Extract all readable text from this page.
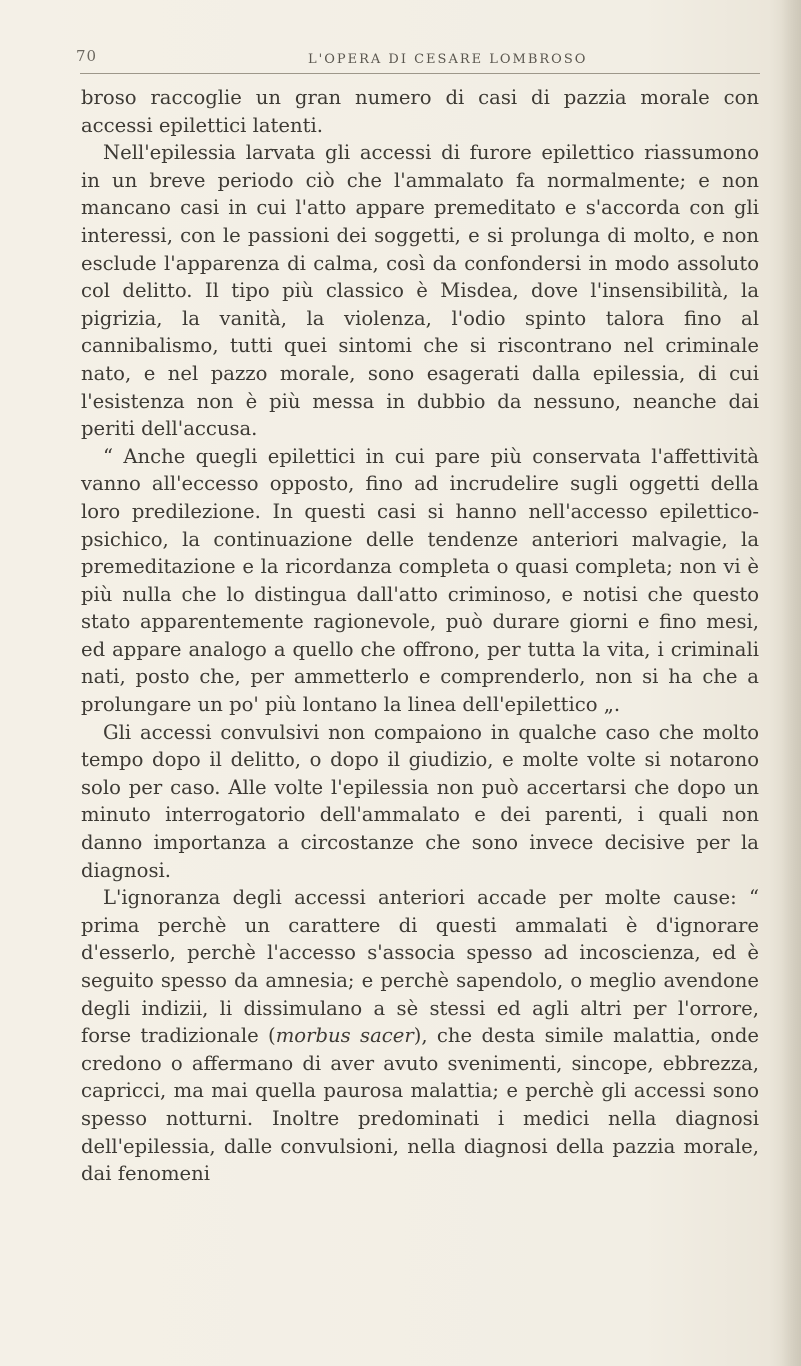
70	L'OPERA DI CESARE LOMBROSO

broso raccoglie un gran numero di casi di pazzia morale con accessi epilettici latenti.

Nell'epilessia larvata gli accessi di furore epilettico riassumono in un breve periodo ciò che l'ammalato fa normalmente; e non mancano casi in cui l'atto appare premeditato e s'accorda con gli interessi, con le passioni dei soggetti, e si prolunga di molto, e non esclude l'apparenza di calma, così da confondersi in modo assoluto col delitto. Il tipo più classico è Misdea, dove l'insensibilità, la pigrizia, la vanità, la violenza, l'odio spinto talora fino al cannibalismo, tutti quei sintomi che si riscontrano nel criminale nato, e nel pazzo morale, sono esagerati dalla epilessia, di cui l'esistenza non è più messa in dubbio da nessuno, neanche dai periti dell'accusa.

“ Anche quegli epilettici in cui pare più conservata l'affettività vanno all'eccesso opposto, fino ad incrudelire sugli oggetti della loro predilezione. In questi casi si hanno nell'accesso epilettico-psichico, la continuazione delle tendenze anteriori malvagie, la premeditazione e la ricordanza completa o quasi completa; non vi è più nulla che lo distingua dall'atto criminoso, e notisi che questo stato apparentemente ragionevole, può durare giorni e fino mesi, ed appare analogo a quello che offrono, per tutta la vita, i criminali nati, posto che, per ammetterlo e comprenderlo, non si ha che a prolungare un po' più lontano la linea dell'epilettico „.

Gli accessi convulsivi non compaiono in qualche caso che molto tempo dopo il delitto, o dopo il giudizio, e molte volte si notarono solo per caso. Alle volte l'epilessia non può accertarsi che dopo un minuto interrogatorio dell'ammalato e dei parenti, i quali non danno importanza a circostanze che sono invece decisive per la diagnosi.

L'ignoranza degli accessi anteriori accade per molte cause: “ prima perchè un carattere di questi ammalati è d'ignorare d'esserlo, perchè l'accesso s'associa spesso ad incoscienza, ed è seguito spesso da amnesia; e perchè sapendolo, o meglio avendone degli indizii, li dissimulano a sè stessi ed agli altri per l'orrore, forse tradizionale (morbus sacer), che desta simile malattia, onde credono o affermano di aver avuto svenimenti, sincope, ebbrezza, capricci, ma mai quella paurosa malattia; e perchè gli accessi sono spesso notturni. Inoltre predominati i medici nella diagnosi dell'epilessia, dalle convulsioni, nella diagnosi della pazzia morale, dai fenomeni
